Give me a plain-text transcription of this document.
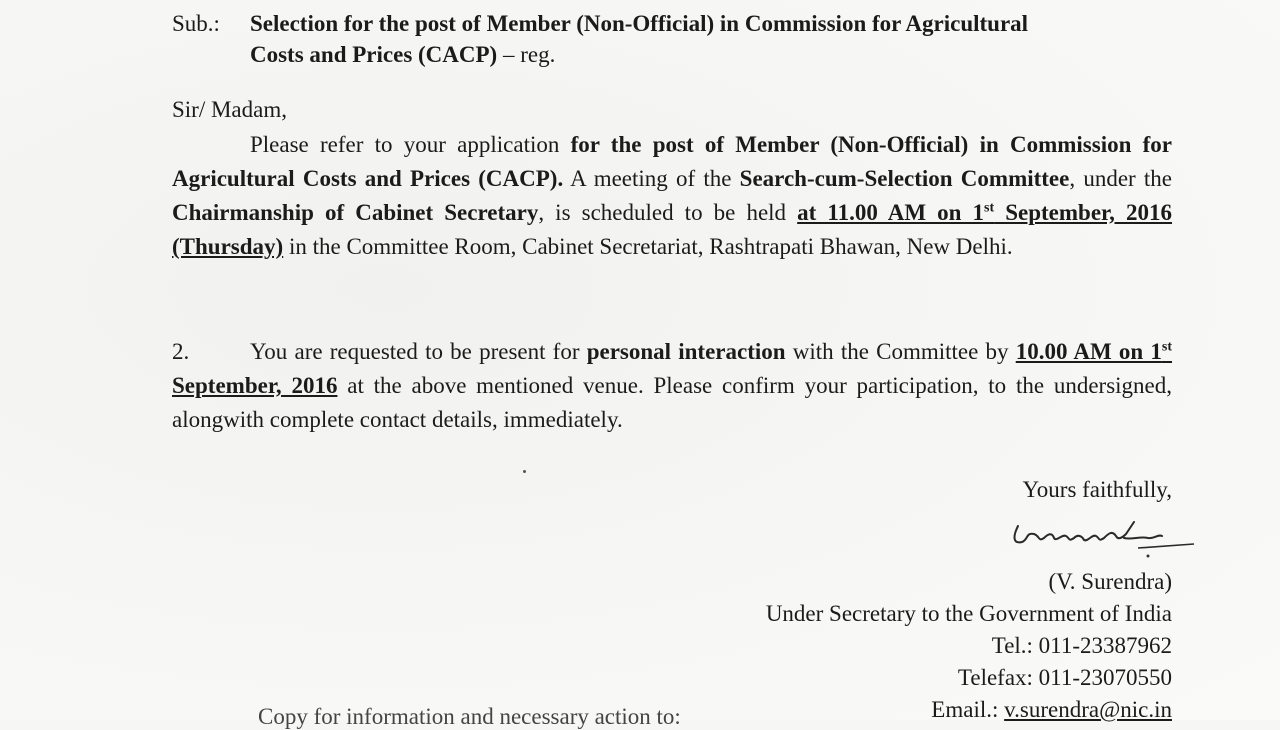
Sub.: Selection for the post of Member (Non-Official) in Commission for Agricultural
Costs and Prices (CACP) – reg.
Sir/ Madam,
Please refer to your application for the post of Member (Non-Official) in Commission for Agricultural Costs and Prices (CACP). A meeting of the Search-cum-Selection Committee, under the Chairmanship of Cabinet Secretary, is scheduled to be held at 11.00 AM on 1st September, 2016 (Thursday) in the Committee Room, Cabinet Secretariat, Rashtrapati Bhawan, New Delhi.
2.	You are requested to be present for personal interaction with the Committee by 10.00 AM on 1st September, 2016 at the above mentioned venue. Please confirm your participation, to the undersigned, alongwith complete contact details, immediately.
Yours faithfully,
(V. Surendra)
Under Secretary to the Government of India
Tel.: 011-23387962
Telefax: 011-23070550
Email.: v.surendra@nic.in
Copy for information and necessary action to:
